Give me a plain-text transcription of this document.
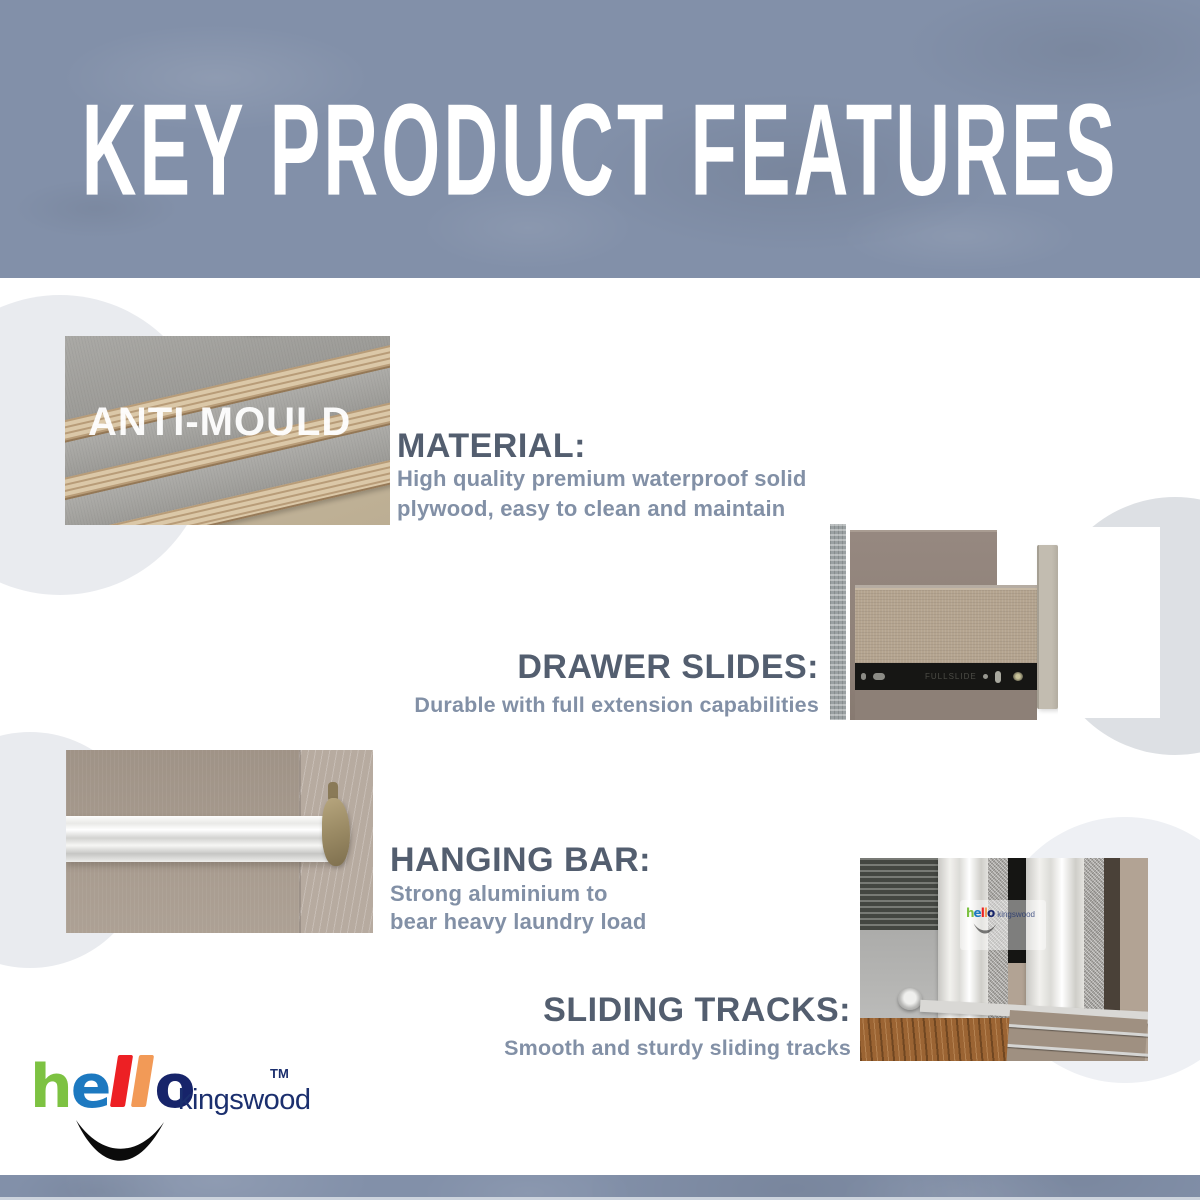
KEY PRODUCT FEATURES
ANTI-MOULD
MATERIAL:
High quality premium waterproof solid
plywood, easy to clean and maintain
FULLSLIDE
DRAWER SLIDES:
Durable with full extension capabilities
HANGING BAR:
Strong aluminium to
bear heavy laundry load	hello kingswood
SLIDING TRACKS:
Smooth and sturdy sliding tracks
he o
kingswood
TM
